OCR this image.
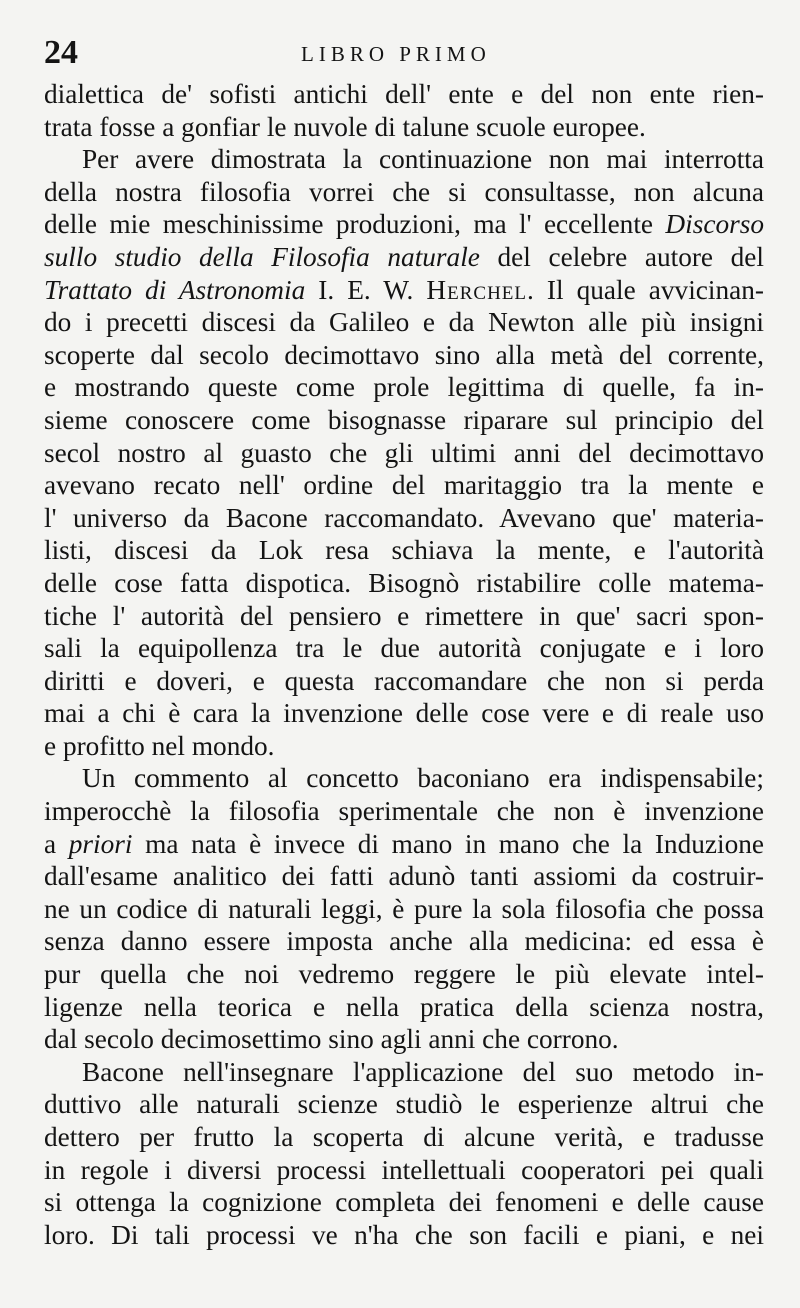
24	LIBRO PRIMO
dialettica de' sofisti antichi dell' ente e del non ente rien-
trata fosse a gonfiar le nuvole di talune scuole europee.
Per avere dimostrata la continuazione non mai interrotta
della nostra filosofia vorrei che si consultasse, non alcuna
delle mie meschinissime produzioni, ma l' eccellente Discorso
sullo studio della Filosofia naturale del celebre autore del
Trattato di Astronomia I. E. W. Herchel. Il quale avvicinan-
do i precetti discesi da Galileo e da Newton alle più insigni
scoperte dal secolo decimottavo sino alla metà del corrente,
e mostrando queste come prole legittima di quelle, fa in-
sieme conoscere come bisognasse riparare sul principio del
secol nostro al guasto che gli ultimi anni del decimottavo
avevano recato nell' ordine del maritaggio tra la mente e
l' universo da Bacone raccomandato. Avevano que' materia-
listi, discesi da Lok resa schiava la mente, e l'autorità
delle cose fatta dispotica. Bisognò ristabilire colle matema-
tiche l' autorità del pensiero e rimettere in que' sacri spon-
sali la equipollenza tra le due autorità conjugate e i loro
diritti e doveri, e questa raccomandare che non si perda
mai a chi è cara la invenzione delle cose vere e di reale uso
e profitto nel mondo.
Un commento al concetto baconiano era indispensabile;
imperocchè la filosofia sperimentale che non è invenzione
a priori ma nata è invece di mano in mano che la Induzione
dall'esame analitico dei fatti adunò tanti assiomi da costruir-
ne un codice di naturali leggi, è pure la sola filosofia che possa
senza danno essere imposta anche alla medicina: ed essa è
pur quella che noi vedremo reggere le più elevate intel-
ligenze nella teorica e nella pratica della scienza nostra,
dal secolo decimosettimo sino agli anni che corrono.
Bacone nell'insegnare l'applicazione del suo metodo in-
duttivo alle naturali scienze studiò le esperienze altrui che
dettero per frutto la scoperta di alcune verità, e tradusse
in regole i diversi processi intellettuali cooperatori pei quali
si ottenga la cognizione completa dei fenomeni e delle cause
loro. Di tali processi ve n'ha che son facili e piani, e nei
